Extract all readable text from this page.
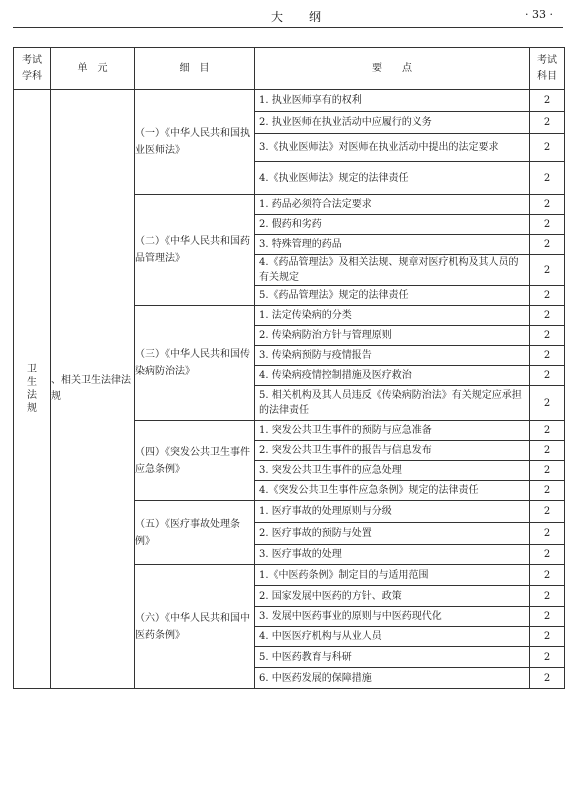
大纲	· 33 ·
考试学科	单　元	细　目	要　　点	考试科目

卫生法规	、相关卫生法律法规	（一）《中华人民共和国执业医师法》	1. 执业医师享有的权利	2
			2. 执业医师在执业活动中应履行的义务	2
			3.《执业医师法》对医师在执业活动中提出的法定要求	2
			4.《执业医师法》规定的法律责任	2
		（二）《中华人民共和国药品管理法》	1. 药品必须符合法定要求	2
			2. 假药和劣药	2
			3. 特殊管理的药品	2
			4.《药品管理法》及相关法规、规章对医疗机构及其人员的有关规定	2
			5.《药品管理法》规定的法律责任	2
		（三）《中华人民共和国传染病防治法》	1. 法定传染病的分类	2
			2. 传染病防治方针与管理原则	2
			3. 传染病预防与疫情报告	2
			4. 传染病疫情控制措施及医疗救治	2
			5. 相关机构及其人员违反《传染病防治法》有关规定应承担的法律责任	2
		（四）《突发公共卫生事件应急条例》	1. 突发公共卫生事件的预防与应急准备	2
			2. 突发公共卫生事件的报告与信息发布	2
			3. 突发公共卫生事件的应急处理	2
			4.《突发公共卫生事件应急条例》规定的法律责任	2
		（五）《医疗事故处理条例》	1. 医疗事故的处理原则与分级	2
			2. 医疗事故的预防与处置	2
			3. 医疗事故的处理	2
		（六）《中华人民共和国中医药条例》	1.《中医药条例》制定目的与适用范围	2
			2. 国家发展中医药的方针、政策	2
			3. 发展中医药事业的原则与中医药现代化	2
			4. 中医医疗机构与从业人员	2
			5. 中医药教育与科研	2
			6. 中医药发展的保障措施	2
